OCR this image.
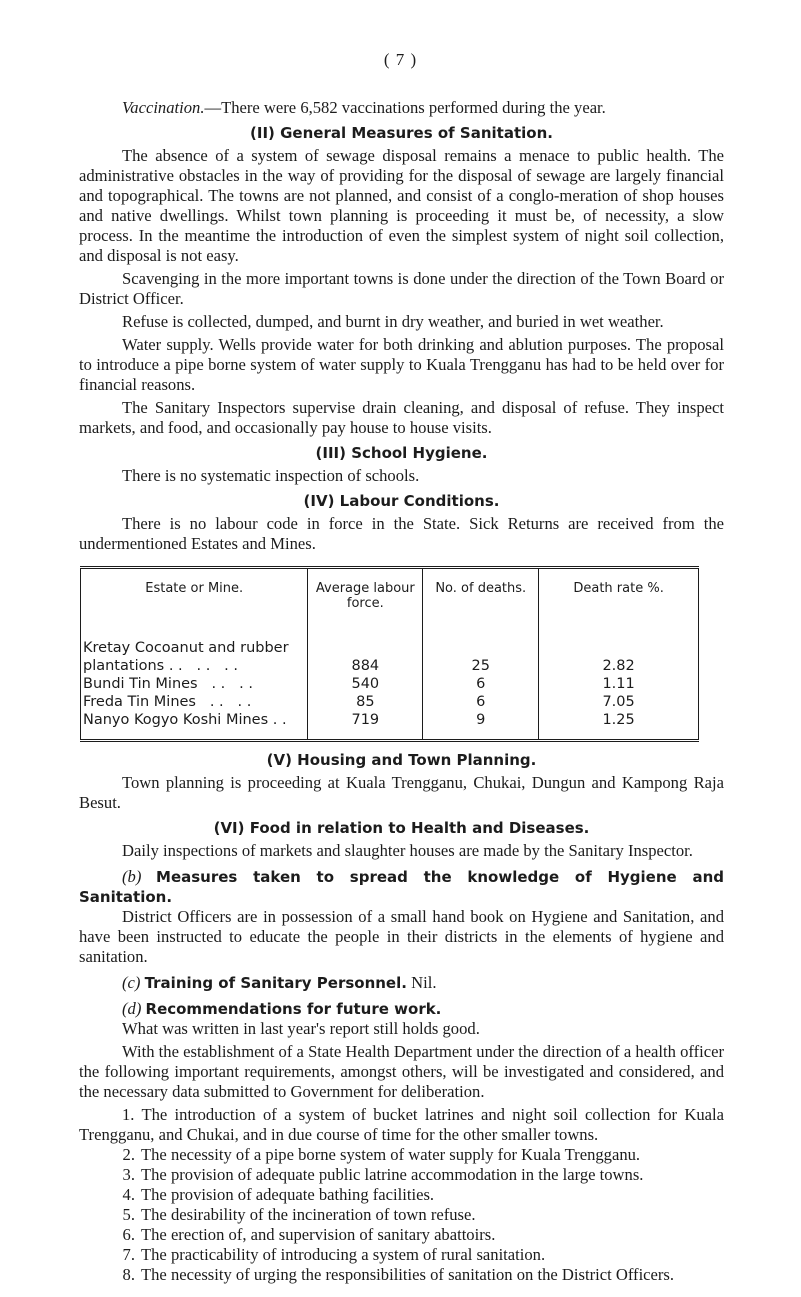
( 7 )

Vaccination.—There were 6,582 vaccinations performed during the year.

(II) General Measures of Sanitation.

The absence of a system of sewage disposal remains a menace to public health. The administrative obstacles in the way of providing for the disposal of sewage are largely financial and topographical. The towns are not planned, and consist of a conglo-meration of shop houses and native dwellings. Whilst town planning is proceeding it must be, of necessity, a slow process. In the meantime the introduction of even the simplest system of night soil collection, and disposal is not easy.

Scavenging in the more important towns is done under the direction of the Town Board or District Officer.

Refuse is collected, dumped, and burnt in dry weather, and buried in wet weather.

Water supply. Wells provide water for both drinking and ablution purposes. The proposal to introduce a pipe borne system of water supply to Kuala Trengganu has had to be held over for financial reasons.

The Sanitary Inspectors supervise drain cleaning, and disposal of refuse. They inspect markets, and food, and occasionally pay house to house visits.

(III) School Hygiene.

There is no systematic inspection of schools.

(IV) Labour Conditions.

There is no labour code in force in the State. Sick Returns are received from the undermentioned Estates and Mines.

Estate or Mine.	Average labour force.	No. of deaths.	Death rate %.
Kretay Cocoanut and rubber
plantations . .   . .   . .	884	25	2.82
Bundi Tin Mines   . .   . .	540	6	1.11
Freda Tin Mines   . .   . .	85	6	7.05
Nanyo Kogyo Koshi Mines . .	719	9	1.25
(V) Housing and Town Planning.

Town planning is proceeding at Kuala Trengganu, Chukai, Dungun and Kampong Raja Besut.

(VI) Food in relation to Health and Diseases.

Daily inspections of markets and slaughter houses are made by the Sanitary Inspector.

(b) Measures taken to spread the knowledge of Hygiene and Sanitation.

District Officers are in possession of a small hand book on Hygiene and Sanitation, and have been instructed to educate the people in their districts in the elements of hygiene and sanitation.

(c) Training of Sanitary Personnel. Nil.

(d) Recommendations for future work.

What was written in last year's report still holds good.

With the establishment of a State Health Department under the direction of a health officer the following important requirements, amongst others, will be investigated and considered, and the necessary data submitted to Government for deliberation.

1. The introduction of a system of bucket latrines and night soil collection for Kuala Trengganu, and Chukai, and in due course of time for the other smaller towns.

2. The necessity of a pipe borne system of water supply for Kuala Trengganu.
3. The provision of adequate public latrine accommodation in the large towns.
4. The provision of adequate bathing facilities.
5. The desirability of the incineration of town refuse.
6. The erection of, and supervision of sanitary abattoirs.
7. The practicability of introducing a system of rural sanitation.
8. The necessity of urging the responsibilities of sanitation on the District Officers.
